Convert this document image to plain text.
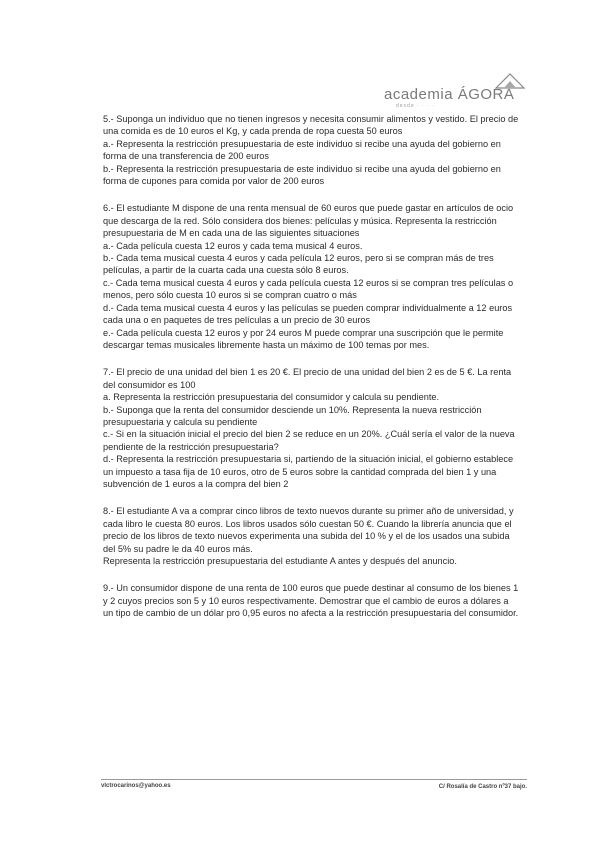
academia ÁGORA
desde · · · ·

5.- Suponga un individuo que no tienen ingresos y necesita consumir alimentos y vestido. El precio de una comida es de 10 euros el Kg, y cada prenda de ropa cuesta 50 euros

a.- Representa la restricción presupuestaria de este individuo si recibe una ayuda del gobierno en forma de una transferencia de 200 euros

b.- Representa la restricción presupuestaria de este individuo si recibe una ayuda del gobierno en forma de cupones para comida por valor de 200 euros

6.- El estudiante M dispone de una renta mensual de 60 euros que puede gastar en artículos de ocio que descarga de la red. Sólo considera dos bienes: películas y música. Representa la restricción presupuestaria de M en cada una de las siguientes situaciones

a.- Cada película cuesta 12 euros y cada tema musical 4 euros.

b.- Cada tema musical cuesta 4 euros y cada película 12 euros, pero si se compran más de tres películas, a partir de la cuarta cada una cuesta sólo 8 euros.

c.- Cada tema musical cuesta 4 euros y cada película cuesta 12 euros si se compran tres películas o menos, pero sólo cuesta 10 euros si se compran cuatro o más

d.- Cada tema musical cuesta 4 euros y las películas se pueden comprar individualmente a 12 euros cada una o en paquetes de tres películas a un precio de 30 euros

e.- Cada película cuesta 12 euros y por 24 euros M puede comprar una suscripción que le permite descargar temas musicales libremente hasta un máximo de 100 temas por mes.

7.- El precio de una unidad del bien 1 es 20 €. El precio de una unidad del bien 2 es de 5 €. La renta del consumidor es 100

a. Representa la restricción presupuestaria del consumidor y calcula su pendiente.

b.- Suponga que la renta del consumidor desciende un 10%. Representa la nueva restricción presupuestaria y calcula su pendiente

c.- Si en la situación inicial el precio del bien 2 se reduce en un 20%. ¿Cuál sería el valor de la nueva pendiente de la restricción presupuestaria?

d.- Representa la restricción presupuestaria si, partiendo de la situación inicial, el gobierno establece un impuesto a tasa fija de 10 euros, otro de 5 euros sobre la cantidad comprada del bien 1 y una subvención de 1 euros a la compra del bien 2

8.- El estudiante A va a comprar cinco libros de texto nuevos durante su primer año de universidad, y cada libro le cuesta 80 euros. Los libros usados sólo cuestan 50 €. Cuando la librería anuncia que el precio de los libros de texto nuevos experimenta una subida del 10 % y el de los usados una subida del 5% su padre le da 40 euros más.

Representa la restricción presupuestaria del estudiante A antes y después del anuncio.

9.- Un consumidor dispone de una renta de 100 euros que puede destinar al consumo de los bienes 1 y 2 cuyos precios son 5 y 10 euros respectivamente. Demostrar que el cambio de euros a dólares a un tipo de cambio de un dólar pro 0,95 euros no afecta a la restricción presupuestaria del consumidor.

vlctrocarinos@yahoo.es	C/ Rosalía de Castro nº37 bajo.
